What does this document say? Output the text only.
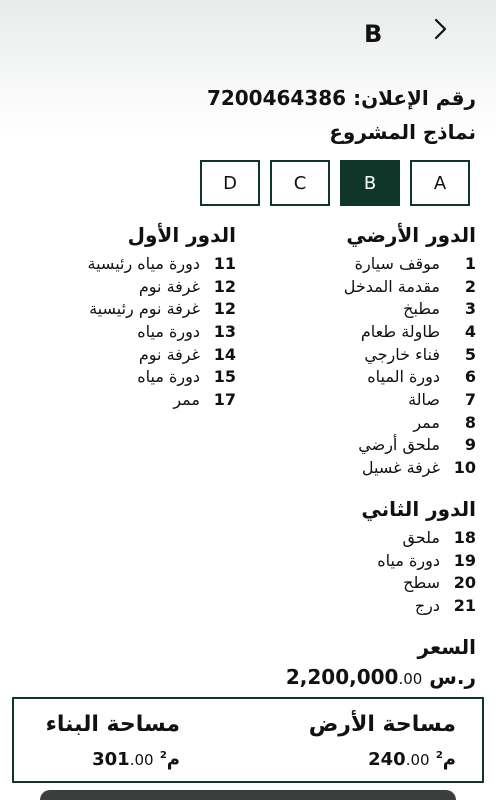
B
رقم الإعلان: 7200464386
نماذج المشروع
A
B
C
D
الدور الأرضي
1
موقف سيارة
2
مقدمة المدخل
3
مطبخ
4
طاولة طعام
5
فناء خارجي
6
دورة المياه
7
صالة
8
ممر
9
ملحق أرضي
10
غرفة غسيل
الدور الأول
11
دورة مياه رئيسية
12
غرفة نوم
12
غرفة نوم رئيسية
13
دورة مياه
14
غرفة نوم
15
دورة مياه
17
ممر
الدور الثاني
18
ملحق
19
دورة مياه
20
سطح
21
درج
السعر
2,200,000.00 ر.س
مساحة الأرض
240.00 م$^2$
مساحة البناء
301.00 م$^2$
